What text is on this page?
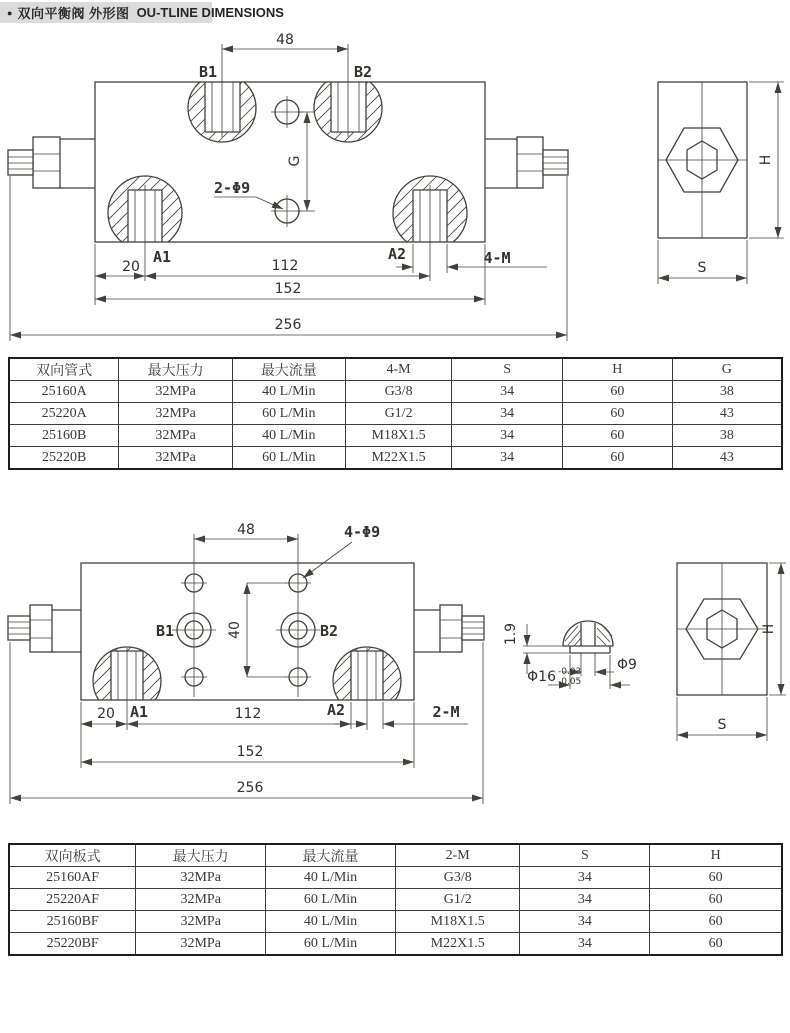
● 双向平衡阀 外形图 OU-TLINE DIMENSIONS
48
G
2-Φ9
B1	B2
A1	A2	4-M
20	112
152
256
H
S
双向管式	最大压力	最大流量	4-M	S	H	G
25160A	32MPa	40 L/Min	G3/8	34	60	38
25220A	32MPa	60 L/Min	G1/2	34	60	43
25160B	32MPa	40 L/Min	M18X1.5	34	60	38
25220B	32MPa	60 L/Min	M22X1.5	34	60	43
48	4-Φ9
40
B1	B2
A1	A2
20	112	2-M
152
256
1.9
Φ9
Φ16 -0.03
-0.05
H
S
双向板式	最大压力	最大流量	2-M	S	H
25160AF	32MPa	40 L/Min	G3/8	34	60
25220AF	32MPa	60 L/Min	G1/2	34	60
25160BF	32MPa	40 L/Min	M18X1.5	34	60
25220BF	32MPa	60 L/Min	M22X1.5	34	60
